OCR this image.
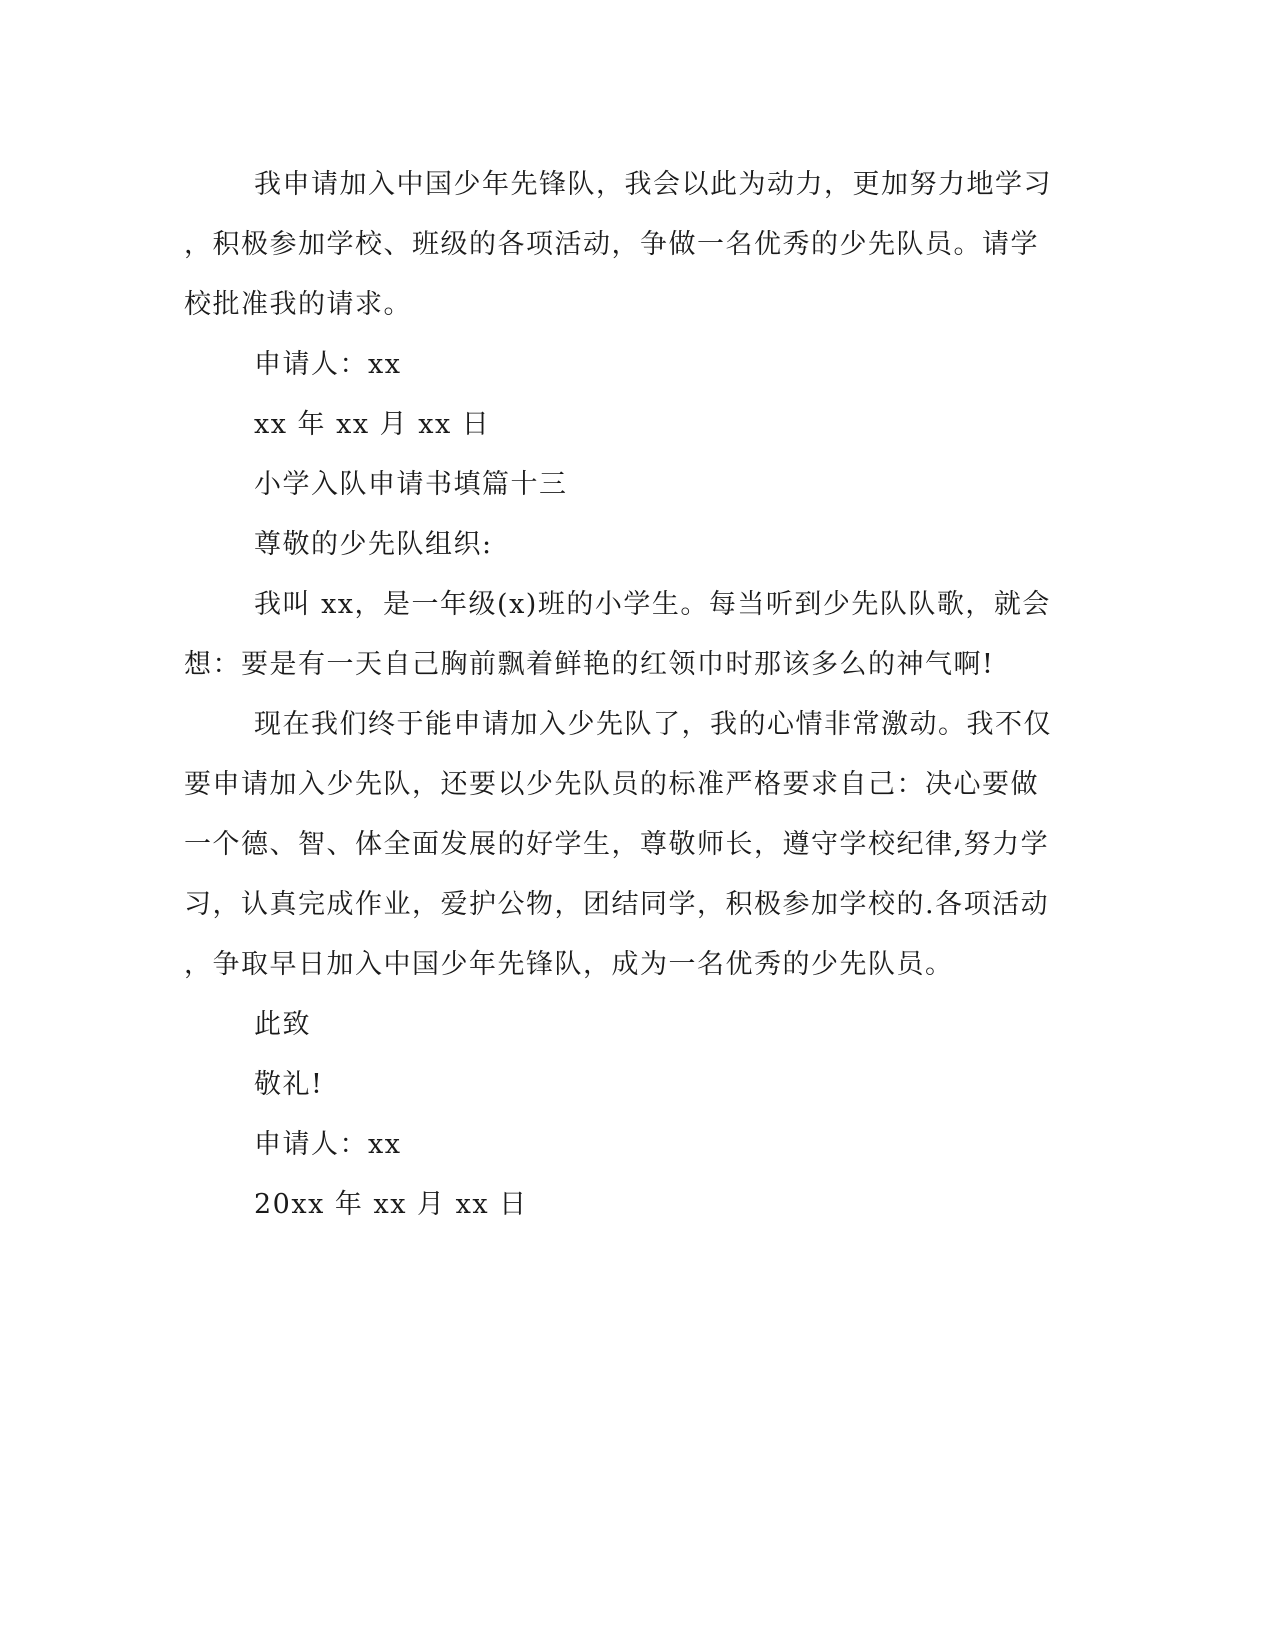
我申请加入中国少年先锋队，我会以此为动力，更加努力地学习
，积极参加学校、班级的各项活动，争做一名优秀的少先队员。请学
校批准我的请求。
申请人：xx
xx 年 xx 月 xx 日
小学入队申请书填篇十三
尊敬的少先队组织:
我叫 xx，是一年级(x)班的小学生。每当听到少先队队歌，就会
想：要是有一天自己胸前飘着鲜艳的红领巾时那该多么的神气啊!
现在我们终于能申请加入少先队了，我的心情非常激动。我不仅
要申请加入少先队，还要以少先队员的标准严格要求自己：决心要做
一个德、智、体全面发展的好学生，尊敬师长，遵守学校纪律,努力学
习，认真完成作业，爱护公物，团结同学，积极参加学校的.各项活动
，争取早日加入中国少年先锋队，成为一名优秀的少先队员。
此致
敬礼!
申请人：xx
20xx 年 xx 月 xx 日
